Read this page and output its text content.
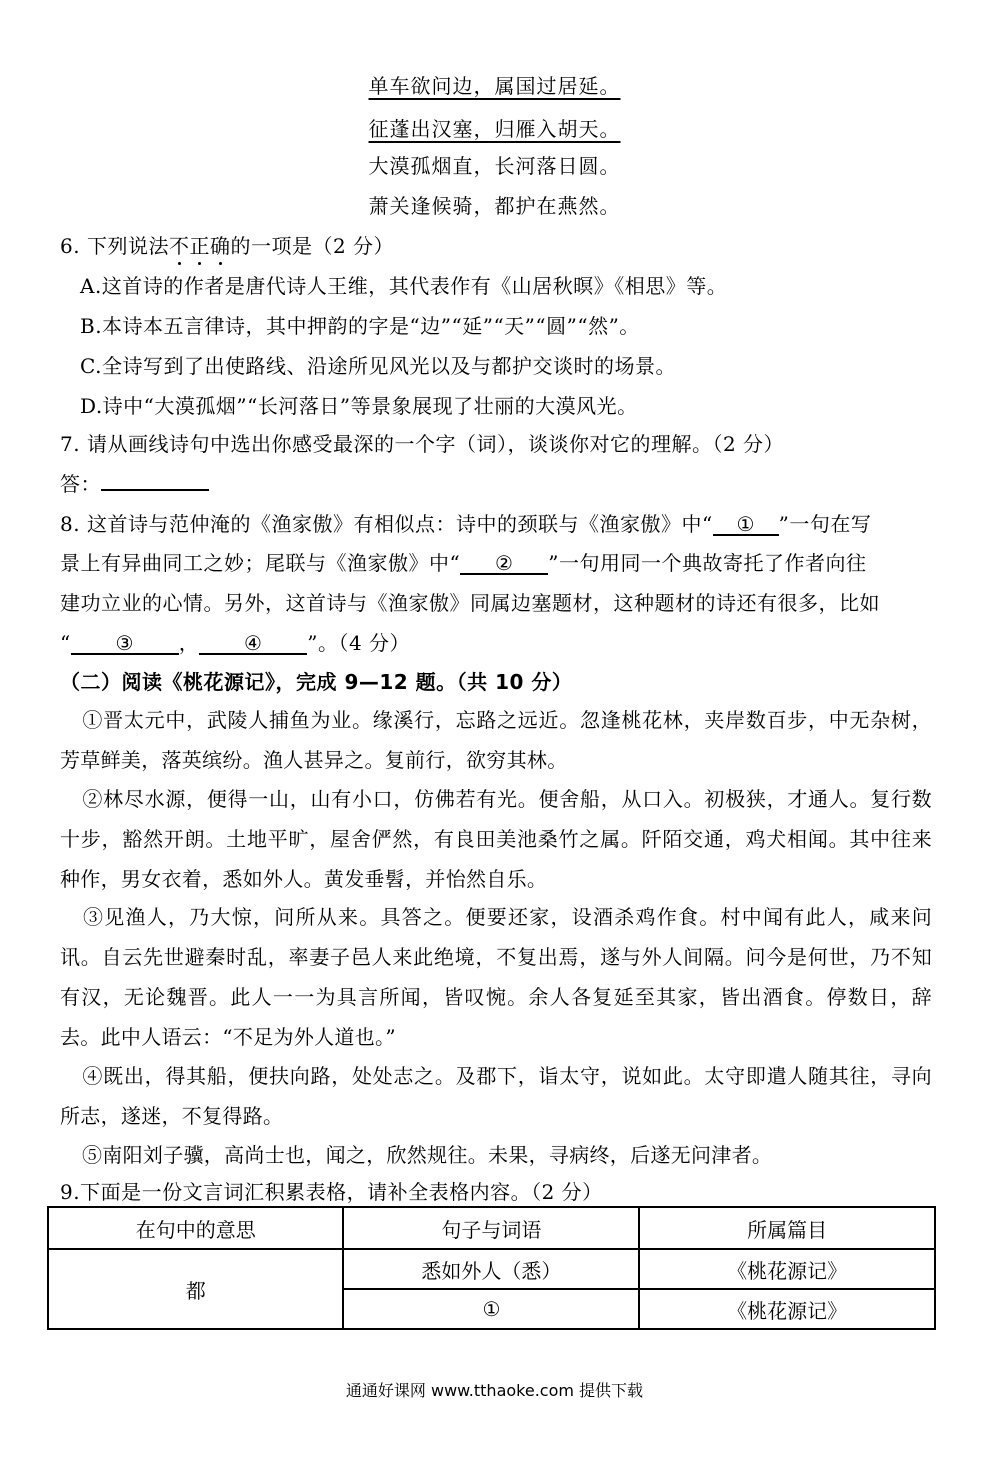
单车欲问边，属国过居延。
征蓬出汉塞，归雁入胡天。
大漠孤烟直，长河落日圆。
萧关逢候骑，都护在燕然。
6. 下列说法不正确的一项是（2 分）
A.这首诗的作者是唐代诗人王维，其代表作有《山居秋暝》《相思》等。
B.本诗本五言律诗，其中押韵的字是“边”“延”“天”“圆”“然”。
C.全诗写到了出使路线、沿途所见风光以及与都护交谈时的场景。
D.诗中“大漠孤烟”“长河落日”等景象展现了壮丽的大漠风光。
7. 请从画线诗句中选出你感受最深的一个字（词），谈谈你对它的理解。（2 分）
答：
8. 这首诗与范仲淹的《渔家傲》有相似点：诗中的颈联与《渔家傲》中“ ① ”一句在写
景上有异曲同工之妙；尾联与《渔家傲》中“ ② ”一句用同一个典故寄托了作者向往
建功立业的心情。另外，这首诗与《渔家傲》同属边塞题材，这种题材的诗还有很多，比如
“ ③ ， ④ ”。（4 分）
（二）阅读《桃花源记》，完成 9—12 题。（共 10 分）
①晋太元中，武陵人捕鱼为业。缘溪行，忘路之远近。忽逢桃花林，夹岸数百步，中无杂树，芳草鲜美，落英缤纷。渔人甚异之。复前行，欲穷其林。
②林尽水源，便得一山，山有小口，仿佛若有光。便舍船，从口入。初极狭，才通人。复行数十步，豁然开朗。土地平旷，屋舍俨然，有良田美池桑竹之属。阡陌交通，鸡犬相闻。其中往来种作，男女衣着，悉如外人。黄发垂髫，并怡然自乐。
③见渔人，乃大惊，问所从来。具答之。便要还家，设酒杀鸡作食。村中闻有此人，咸来问讯。自云先世避秦时乱，率妻子邑人来此绝境，不复出焉，遂与外人间隔。问今是何世，乃不知有汉，无论魏晋。此人一一为具言所闻，皆叹惋。余人各复延至其家，皆出酒食。停数日，辞去。此中人语云：“不足为外人道也。”
④既出，得其船，便扶向路，处处志之。及郡下，诣太守，说如此。太守即遣人随其往，寻向所志，遂迷，不复得路。
⑤南阳刘子骥，高尚士也，闻之，欣然规往。未果，寻病终，后遂无问津者。
9.下面是一份文言词汇积累表格，请补全表格内容。（2 分）
在句中的意思	句子与词语	所属篇目
都	悉如外人（悉）	《桃花源记》
	①	《桃花源记》
通通好课网 www.tthaoke.com 提供下载
